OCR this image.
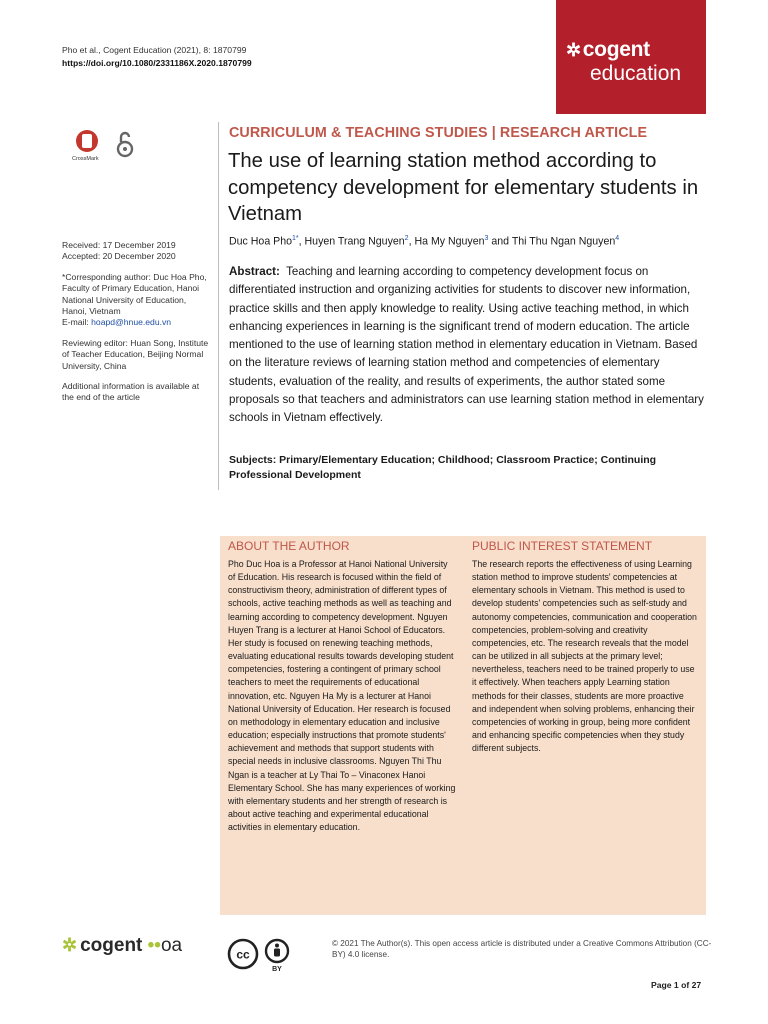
Pho et al., Cogent Education (2021), 8: 1870799
https://doi.org/10.1080/2331186X.2020.1870799
✲cogent
education
CrossMark

Received: 17 December 2019
Accepted: 20 December 2020

*Corresponding author: Duc Hoa Pho, Faculty of Primary Education, Hanoi National University of Education, Hanoi, Vietnam
E-mail: hoapd@hnue.edu.vn

Reviewing editor: Huan Song, Institute of Teacher Education, Beijing Normal University, China

Additional information is available at the end of the article

CURRICULUM & TEACHING STUDIES | RESEARCH ARTICLE
The use of learning station method according to competency development for elementary students in Vietnam
Duc Hoa Pho$^{1*}$, Huyen Trang Nguyen$^2$, Ha My Nguyen$^3$ and Thi Thu Ngan Nguyen$^4$
Abstract: Teaching and learning according to competency development focus on differentiated instruction and organizing activities for students to discover new information, practice skills and then apply knowledge to reality. Using active teaching method, in which enhancing experiences in learning is the significant trend of modern education. The article mentioned to the use of learning station method in elementary education in Vietnam. Based on the literature reviews of learning station method and competencies of elementary students, evaluation of the reality, and results of experiments, the author stated some proposals so that teachers and administrators can use learning station method in elementary schools in Vietnam effectively.
Subjects: Primary/Elementary Education; Childhood; Classroom Practice; Continuing Professional Development
ABOUT THE AUTHOR
Pho Duc Hoa is a Professor at Hanoi National University of Education. His research is focused within the field of constructivism theory, administration of different types of schools, active teaching methods as well as teaching and learning according to competency development. Nguyen Huyen Trang is a lecturer at Hanoi School of Educators. Her study is focused on renewing teaching methods, evaluating educational results towards developing student competencies, fostering a contingent of primary school teachers to meet the requirements of educational innovation, etc. Nguyen Ha My is a lecturer at Hanoi National University of Education. Her research is focused on methodology in elementary education and inclusive education; especially instructions that promote students' achievement and methods that support students with special needs in inclusive classrooms. Nguyen Thi Thu Ngan is a teacher at Ly Thai To – Vinaconex Hanoi Elementary School. She has many experiences of working with elementary students and her strength of research is about active teaching and experimental educational activities in elementary education.
PUBLIC INTEREST STATEMENT
The research reports the effectiveness of using Learning station method to improve students' competencies at elementary schools in Vietnam. This method is used to develop students' competencies such as self-study and autonomy competencies, communication and cooperation competencies, problem-solving and creativity competencies, etc. The research reveals that the model can be utilized in all subjects at the primary level; nevertheless, teachers need to be trained properly to use it effectively. When teachers apply Learning station methods for their classes, students are more proactive and independent when solving problems, enhancing their competencies of working in group, being more confident and enhancing specific competencies when they study different subjects.
✲ cogent ••oa	cc
BY
© 2021 The Author(s). This open access article is distributed under a Creative Commons Attribution (CC-BY) 4.0 license.
Page 1 of 27
